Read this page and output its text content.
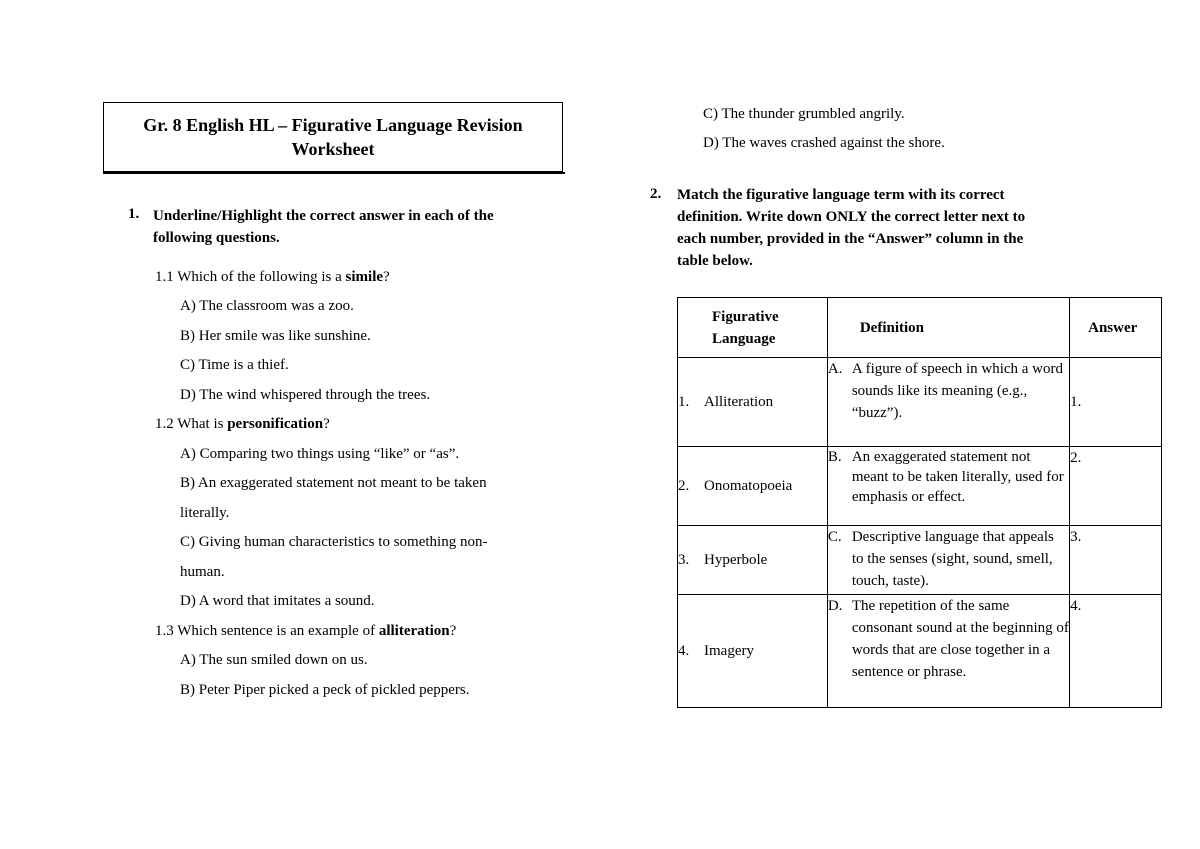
Gr. 8 English HL – Figurative Language Revision Worksheet
1. Underline/Highlight the correct answer in each of the following questions.
1.1 Which of the following is a simile?
A) The classroom was a zoo.
B) Her smile was like sunshine.
C) Time is a thief.
D) The wind whispered through the trees.
1.2 What is personification?
A) Comparing two things using “like” or “as”.
B) An exaggerated statement not meant to be taken
literally.
C) Giving human characteristics to something non-
human.
D) A word that imitates a sound.
1.3 Which sentence is an example of alliteration?
A) The sun smiled down on us.
B) Peter Piper picked a peck of pickled peppers.
C) The thunder grumbled angrily.
D) The waves crashed against the shore.
2. Match the figurative language term with its correct
definition. Write down ONLY the correct letter next to
each number, provided in the “Answer” column in the
table below.
Figurative Language	Definition	Answer

1. Alliteration	A. A figure of speech in which a word sounds like its meaning (e.g., “buzz”).	1.
2. Onomatopoeia	B. An exaggerated statement not meant to be taken literally, used for emphasis or effect.	2.
3. Hyperbole	C. Descriptive language that appeals to the senses (sight, sound, smell, touch, taste).	3.
4. Imagery	D. The repetition of the same consonant sound at the beginning of words that are close together in a sentence or phrase.	4.
